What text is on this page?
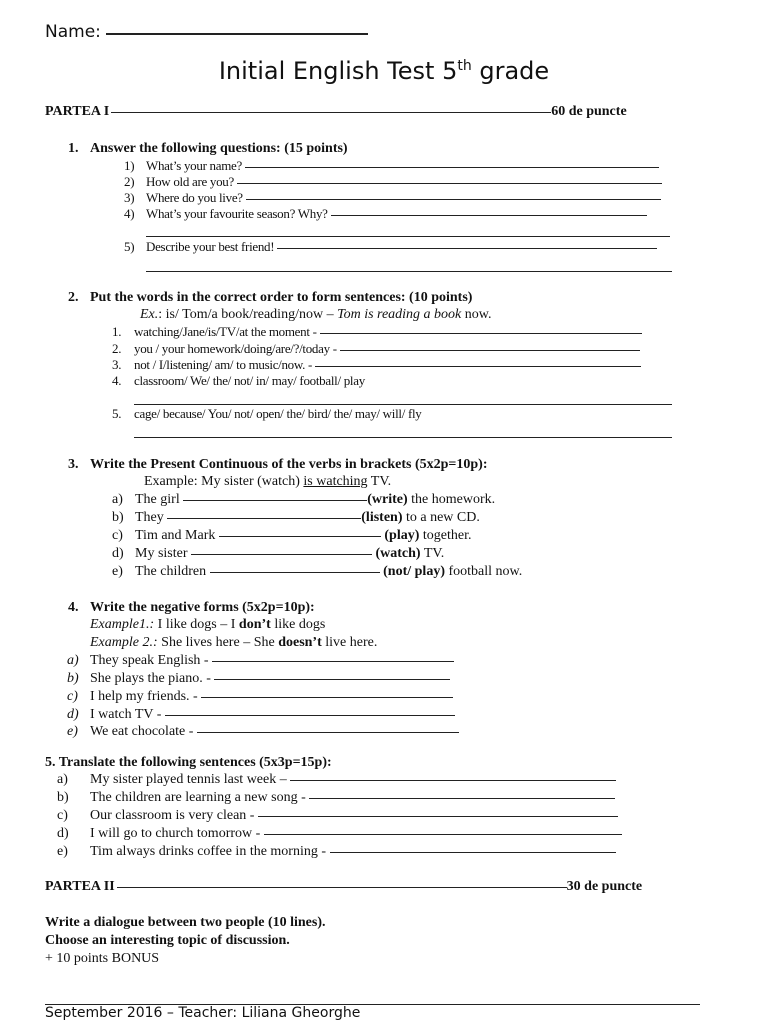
Name:
Initial English Test 5th grade
PARTEA I	60 de puncte
1. Answer the following questions: (15 points)
1) What’s your name?
2) How old are you?
3) Where do you live?
4) What’s your favourite season? Why?
5) Describe your best friend!
2. Put the words in the correct order to form sentences: (10 points)
Ex.: is/ Tom/a book/reading/now – Tom is reading a book now.
1. watching/Jane/is/TV/at the moment -
2. you / your homework/doing/are/?/today -
3. not / I/listening/ am/ to music/now. -
4. classroom/ We/ the/ not/ in/ may/ football/ play
5. cage/ because/ You/ not/ open/ the/ bird/ the/ may/ will/ fly
3. Write the Present Continuous of the verbs in brackets (5x2p=10p):
Example: My sister (watch) is watching TV.
a) The girl	(write) the homework.
b) They	(listen) to a new CD.
c) Tim and Mark	(play) together.
d) My sister	(watch) TV.
e) The children	(not/ play) football now.
4. Write the negative forms (5x2p=10p):
Example1.: I like dogs – I don’t like dogs
Example 2.: She lives here – She doesn’t live here.
a) They speak English -
b) She plays the piano. -
c) I help my friends. -
d) I watch TV -
e) We eat chocolate -
5. Translate the following sentences (5x3p=15p):
a) My sister played tennis last week –
b) The children are learning a new song -
c) Our classroom is very clean -
d) I will go to church tomorrow -
e) Tim always drinks coffee in the morning -
PARTEA II	30 de puncte
Write a dialogue between two people (10 lines).
Choose an interesting topic of discussion.
+ 10 points BONUS
September 2016 – Teacher: Liliana Gheorghe
